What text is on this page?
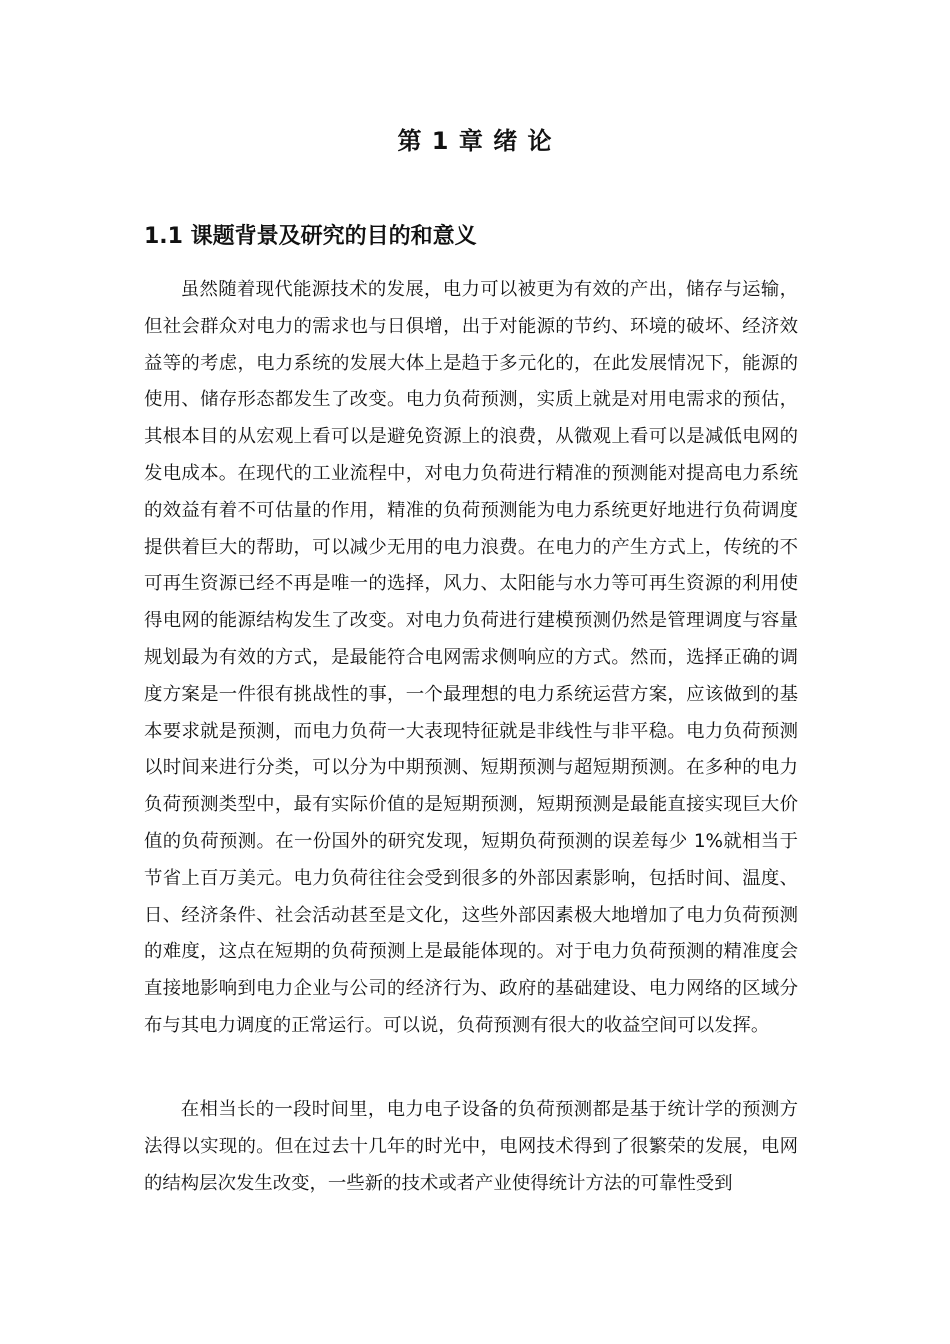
第 1 章 绪 论
1.1 课题背景及研究的目的和意义

虽然随着现代能源技术的发展，电力可以被更为有效的产出，储存与运输，但社会群众对电力的需求也与日俱增，出于对能源的节约、环境的破坏、经济效益等的考虑，电力系统的发展大体上是趋于多元化的，在此发展情况下，能源的使用、储存形态都发生了改变。电力负荷预测，实质上就是对用电需求的预估，其根本目的从宏观上看可以是避免资源上的浪费，从微观上看可以是减低电网的发电成本。在现代的工业流程中，对电力负荷进行精准的预测能对提高电力系统的效益有着不可估量的作用，精准的负荷预测能为电力系统更好地进行负荷调度提供着巨大的帮助，可以减少无用的电力浪费。在电力的产生方式上，传统的不可再生资源已经不再是唯一的选择，风力、太阳能与水力等可再生资源的利用使得电网的能源结构发生了改变。对电力负荷进行建模预测仍然是管理调度与容量规划最为有效的方式，是最能符合电网需求侧响应的方式。然而，选择正确的调度方案是一件很有挑战性的事，一个最理想的电力系统运营方案，应该做到的基本要求就是预测，而电力负荷一大表现特征就是非线性与非平稳。电力负荷预测以时间来进行分类，可以分为中期预测、短期预测与超短期预测。在多种的电力负荷预测类型中，最有实际价值的是短期预测，短期预测是最能直接实现巨大价值的负荷预测。在一份国外的研究发现，短期负荷预测的误差每少 1%就相当于节省上百万美元。电力负荷往往会受到很多的外部因素影响，包括时间、温度、日、经济条件、社会活动甚至是文化，这些外部因素极大地增加了电力负荷预测的难度，这点在短期的负荷预测上是最能体现的。对于电力负荷预测的精准度会直接地影响到电力企业与公司的经济行为、政府的基础建设、电力网络的区域分布与其电力调度的正常运行。可以说，负荷预测有很大的收益空间可以发挥。

在相当长的一段时间里，电力电子设备的负荷预测都是基于统计学的预测方法得以实现的。但在过去十几年的时光中，电网技术得到了很繁荣的发展，电网的结构层次发生改变，一些新的技术或者产业使得统计方法的可靠性受到
